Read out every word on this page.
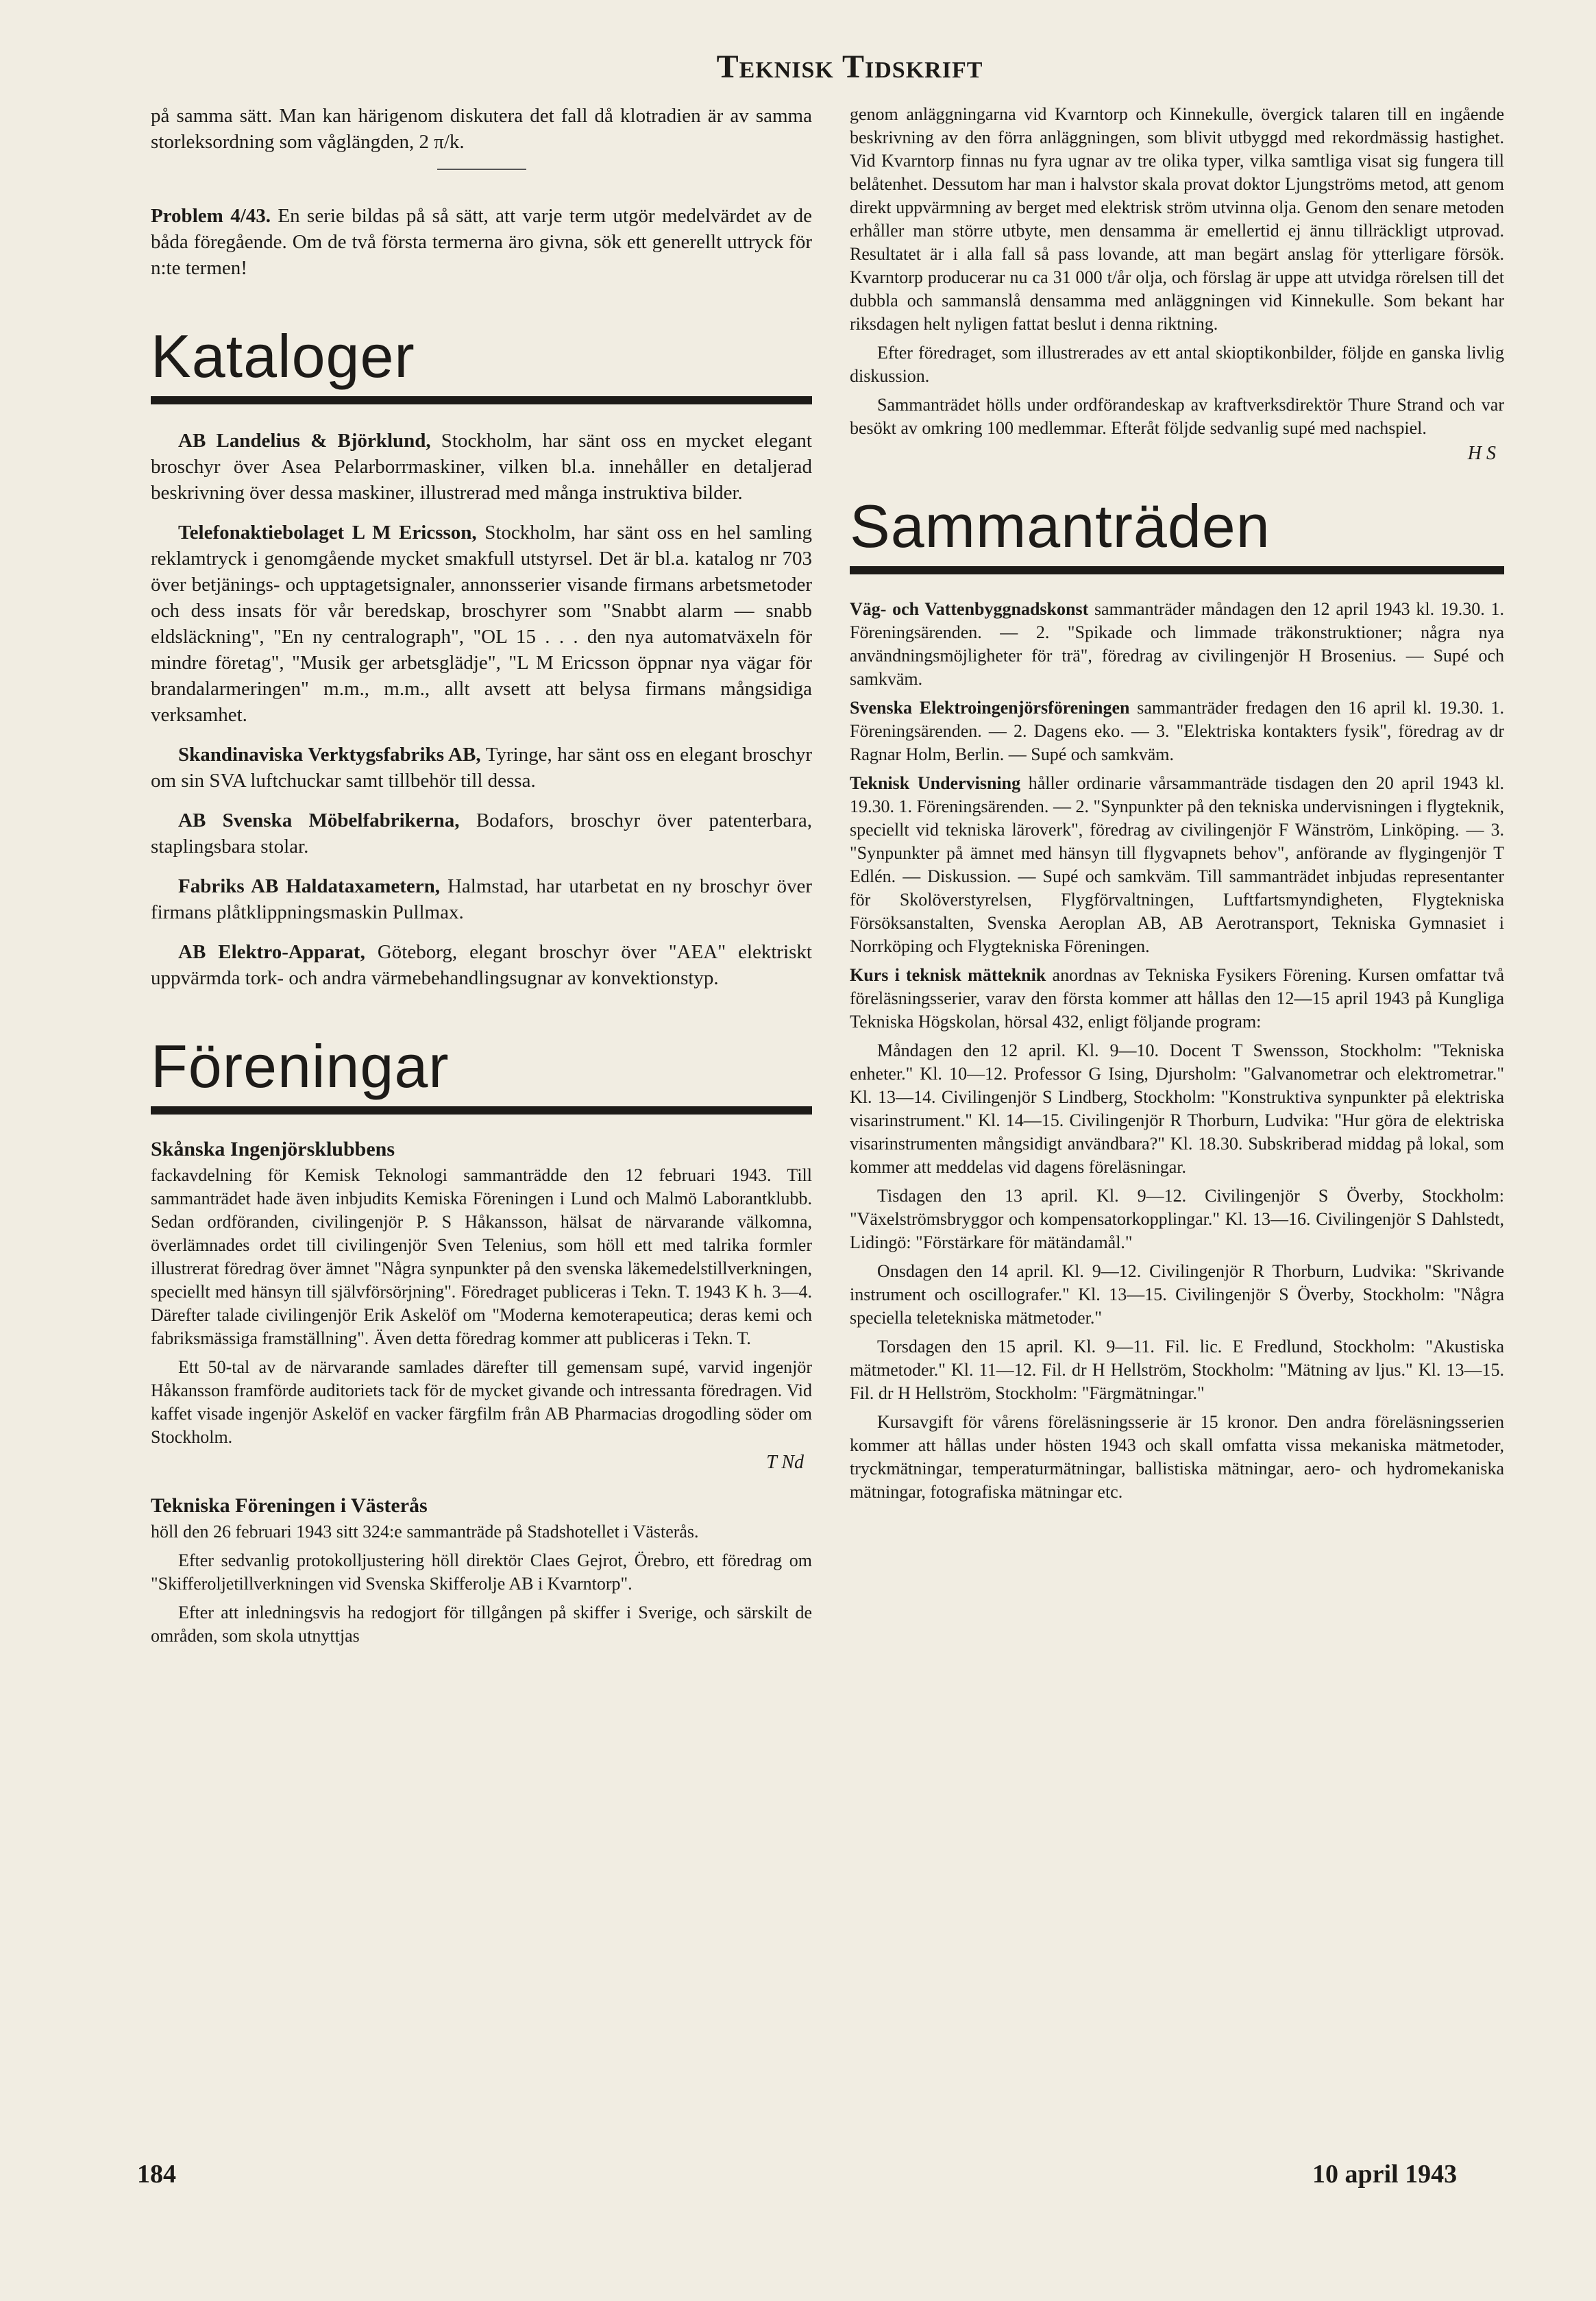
Teknisk Tidskrift

på samma sätt. Man kan härigenom diskutera det fall då klotradien är av samma storleksordning som våglängden, 2 π/k.

Problem 4/43. En serie bildas på så sätt, att varje term utgör medelvärdet av de båda föregående. Om de två första termerna äro givna, sök ett generellt uttryck för n:te termen!

Kataloger

AB Landelius & Björklund, Stockholm, har sänt oss en mycket elegant broschyr över Asea Pelarborrmaskiner, vilken bl.a. innehåller en detaljerad beskrivning över dessa maskiner, illustrerad med många instruktiva bilder.

Telefonaktiebolaget L M Ericsson, Stockholm, har sänt oss en hel samling reklamtryck i genomgående mycket smakfull utstyrsel. Det är bl.a. katalog nr 703 över betjänings- och upptagetsignaler, annonsserier visande firmans arbetsmetoder och dess insats för vår beredskap, broschyrer som "Snabbt alarm — snabb eldsläckning", "En ny centralograph", "OL 15 . . . den nya automatväxeln för mindre företag", "Musik ger arbetsglädje", "L M Ericsson öppnar nya vägar för brandalarmeringen" m.m., m.m., allt avsett att belysa firmans mångsidiga verksamhet.

Skandinaviska Verktygsfabriks AB, Tyringe, har sänt oss en elegant broschyr om sin SVA luftchuckar samt tillbehör till dessa.

AB Svenska Möbelfabrikerna, Bodafors, broschyr över patenterbara, staplingsbara stolar.

Fabriks AB Haldataxametern, Halmstad, har utarbetat en ny broschyr över firmans plåtklippningsmaskin Pullmax.

AB Elektro-Apparat, Göteborg, elegant broschyr över "AEA" elektriskt uppvärmda tork- och andra värmebehandlingsugnar av konvektionstyp.

Föreningar
Skånska Ingenjörsklubbens

fackavdelning för Kemisk Teknologi sammanträdde den 12 februari 1943. Till sammanträdet hade även inbjudits Kemiska Föreningen i Lund och Malmö Laborantklubb. Sedan ordföranden, civilingenjör P. S Håkansson, hälsat de närvarande välkomna, överlämnades ordet till civilingenjör Sven Telenius, som höll ett med talrika formler illustrerat föredrag över ämnet "Några synpunkter på den svenska läkemedelstillverkningen, speciellt med hänsyn till självförsörjning". Föredraget publiceras i Tekn. T. 1943 K h. 3—4. Därefter talade civilingenjör Erik Askelöf om "Moderna kemoterapeutica; deras kemi och fabriksmässiga framställning". Även detta föredrag kommer att publiceras i Tekn. T.

Ett 50-tal av de närvarande samlades därefter till gemensam supé, varvid ingenjör Håkansson framförde auditoriets tack för de mycket givande och intressanta föredragen. Vid kaffet visade ingenjör Askelöf en vacker färgfilm från AB Pharmacias drogodling söder om Stockholm.

T Nd
Tekniska Föreningen i Västerås

höll den 26 februari 1943 sitt 324:e sammanträde på Stadshotellet i Västerås.

Efter sedvanlig protokolljustering höll direktör Claes Gejrot, Örebro, ett föredrag om "Skifferoljetillverkningen vid Svenska Skifferolje AB i Kvarntorp".

Efter att inledningsvis ha redogjort för tillgången på skiffer i Sverige, och särskilt de områden, som skola utnyttjas

genom anläggningarna vid Kvarntorp och Kinnekulle, övergick talaren till en ingående beskrivning av den förra anläggningen, som blivit utbyggd med rekordmässig hastighet. Vid Kvarntorp finnas nu fyra ugnar av tre olika typer, vilka samtliga visat sig fungera till belåtenhet. Dessutom har man i halvstor skala provat doktor Ljungströms metod, att genom direkt uppvärmning av berget med elektrisk ström utvinna olja. Genom den senare metoden erhåller man större utbyte, men densamma är emellertid ej ännu tillräckligt utprovad. Resultatet är i alla fall så pass lovande, att man begärt anslag för ytterligare försök. Kvarntorp producerar nu ca 31 000 t/år olja, och förslag är uppe att utvidga rörelsen till det dubbla och sammanslå densamma med anläggningen vid Kinnekulle. Som bekant har riksdagen helt nyligen fattat beslut i denna riktning.

Efter föredraget, som illustrerades av ett antal skioptikonbilder, följde en ganska livlig diskussion.

Sammanträdet hölls under ordförandeskap av kraftverksdirektör Thure Strand och var besökt av omkring 100 medlemmar. Efteråt följde sedvanlig supé med nachspiel.

H S
Sammanträden

Väg- och Vattenbyggnadskonst sammanträder måndagen den 12 april 1943 kl. 19.30. 1. Föreningsärenden. — 2. "Spikade och limmade träkonstruktioner; några nya användningsmöjligheter för trä", föredrag av civilingenjör H Brosenius. — Supé och samkväm.

Svenska Elektroingenjörsföreningen sammanträder fredagen den 16 april kl. 19.30. 1. Föreningsärenden. — 2. Dagens eko. — 3. "Elektriska kontakters fysik", föredrag av dr Ragnar Holm, Berlin. — Supé och samkväm.

Teknisk Undervisning håller ordinarie vårsammanträde tisdagen den 20 april 1943 kl. 19.30. 1. Föreningsärenden. — 2. "Synpunkter på den tekniska undervisningen i flygteknik, speciellt vid tekniska läroverk", föredrag av civilingenjör F Wänström, Linköping. — 3. "Synpunkter på ämnet med hänsyn till flygvapnets behov", anförande av flygingenjör T Edlén. — Diskussion. — Supé och samkväm. Till sammanträdet inbjudas representanter för Skolöverstyrelsen, Flygförvaltningen, Luftfartsmyndigheten, Flygtekniska Försöksanstalten, Svenska Aeroplan AB, AB Aerotransport, Tekniska Gymnasiet i Norrköping och Flygtekniska Föreningen.

Kurs i teknisk mätteknik anordnas av Tekniska Fysikers Förening. Kursen omfattar två föreläsningsserier, varav den första kommer att hållas den 12—15 april 1943 på Kungliga Tekniska Högskolan, hörsal 432, enligt följande program:

Måndagen den 12 april. Kl. 9—10. Docent T Swensson, Stockholm: "Tekniska enheter." Kl. 10—12. Professor G Ising, Djursholm: "Galvanometrar och elektrometrar." Kl. 13—14. Civilingenjör S Lindberg, Stockholm: "Konstruktiva synpunkter på elektriska visarinstrument." Kl. 14—15. Civilingenjör R Thorburn, Ludvika: "Hur göra de elektriska visarinstrumenten mångsidigt användbara?" Kl. 18.30. Subskriberad middag på lokal, som kommer att meddelas vid dagens föreläsningar.

Tisdagen den 13 april. Kl. 9—12. Civilingenjör S Överby, Stockholm: "Växelströmsbryggor och kompensatorkopplingar." Kl. 13—16. Civilingenjör S Dahlstedt, Lidingö: "Förstärkare för mätändamål."

Onsdagen den 14 april. Kl. 9—12. Civilingenjör R Thorburn, Ludvika: "Skrivande instrument och oscillografer." Kl. 13—15. Civilingenjör S Överby, Stockholm: "Några speciella teletekniska mätmetoder."

Torsdagen den 15 april. Kl. 9—11. Fil. lic. E Fredlund, Stockholm: "Akustiska mätmetoder." Kl. 11—12. Fil. dr H Hellström, Stockholm: "Mätning av ljus." Kl. 13—15. Fil. dr H Hellström, Stockholm: "Färgmätningar."

Kursavgift för vårens föreläsningsserie är 15 kronor. Den andra föreläsningsserien kommer att hållas under hösten 1943 och skall omfatta vissa mekaniska mätmetoder, tryckmätningar, temperaturmätningar, ballistiska mätningar, aero- och hydromekaniska mätningar, fotografiska mätningar etc.

184	10 april 1943
